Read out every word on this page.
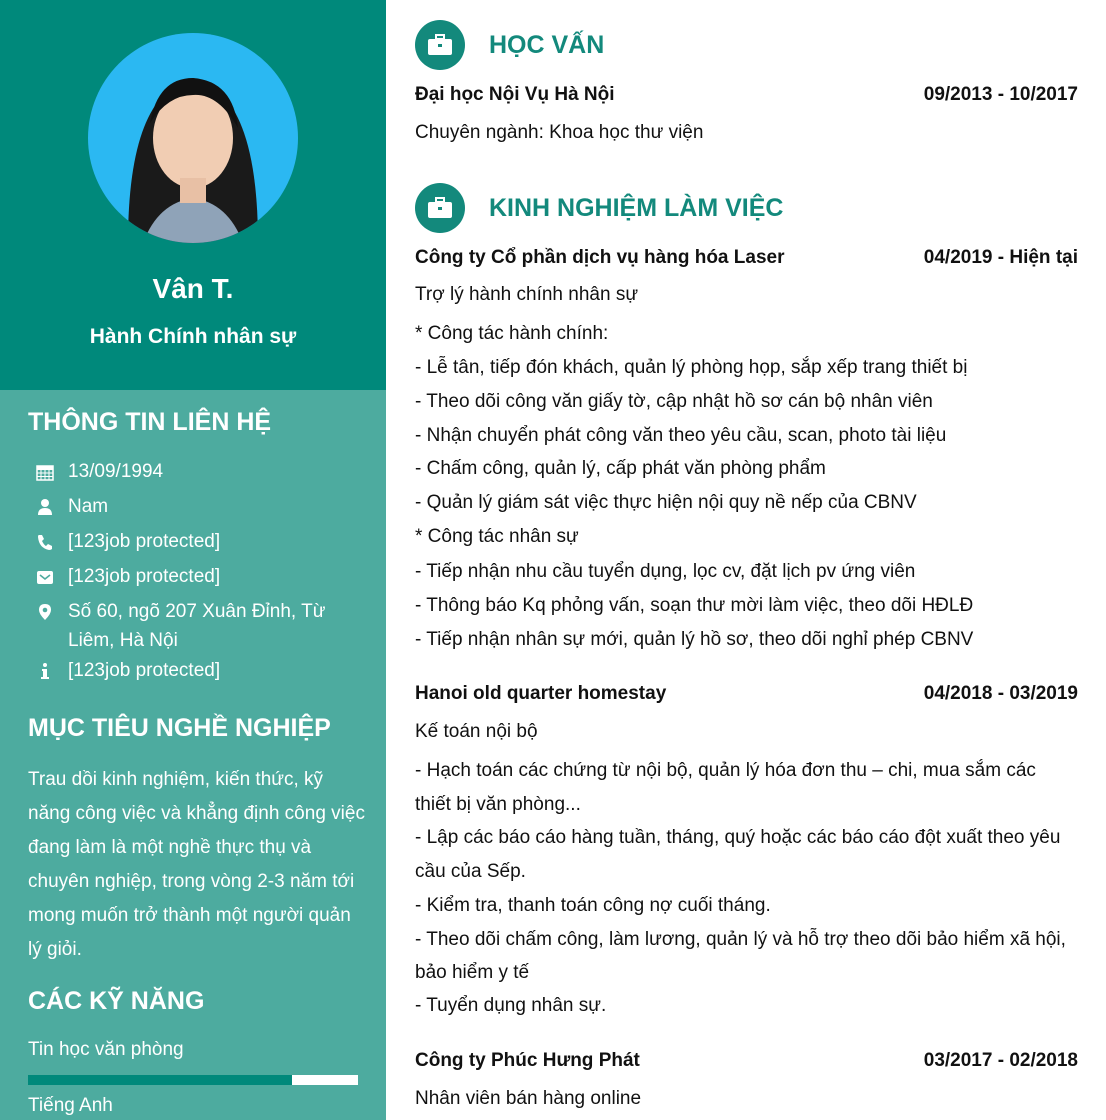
Vân T.
Hành Chính nhân sự
THÔNG TIN LIÊN HỆ
13/09/1994
Nam
[123job protected]
[123job protected]
Số 60, ngõ 207 Xuân Đỉnh, Từ Liêm, Hà Nội
[123job protected]
MỤC TIÊU NGHỀ NGHIỆP
Trau dồi kinh nghiệm, kiến thức, kỹ năng công việc và khẳng định công việc đang làm là một nghề thực thụ và chuyên nghiệp, trong vòng 2-3 năm tới mong muốn trở thành một người quản lý giỏi.
CÁC KỸ NĂNG
Tin học văn phòng
Tiếng Anh
HỌC VẤN
Đại học Nội Vụ Hà Nội	09/2013 - 10/2017
Chuyên ngành: Khoa học thư viện
KINH NGHIỆM LÀM VIỆC
Công ty Cổ phần dịch vụ hàng hóa Laser	04/2019 - Hiện tại
Trợ lý hành chính nhân sự
* Công tác hành chính:
- Lễ tân, tiếp đón khách, quản lý phòng họp, sắp xếp trang thiết bị
- Theo dõi công văn giấy tờ, cập nhật hồ sơ cán bộ nhân viên
- Nhận chuyển phát công văn theo yêu cầu, scan, photo tài liệu
- Chấm công, quản lý, cấp phát văn phòng phẩm
- Quản lý giám sát việc thực hiện nội quy nề nếp của CBNV
* Công tác nhân sự
- Tiếp nhận nhu cầu tuyển dụng, lọc cv, đặt lịch pv ứng viên
- Thông báo Kq phỏng vấn, soạn thư mời làm việc, theo dõi HĐLĐ
- Tiếp nhận nhân sự mới, quản lý hồ sơ, theo dõi nghỉ phép CBNV
Hanoi old quarter homestay	04/2018 - 03/2019
Kế toán nội bộ
- Hạch toán các chứng từ nội bộ, quản lý hóa đơn thu – chi, mua sắm các
thiết bị văn phòng...
- Lập các báo cáo hàng tuần, tháng, quý hoặc các báo cáo đột xuất theo yêu
cầu của Sếp.
- Kiểm tra, thanh toán công nợ cuối tháng.
- Theo dõi chấm công, làm lương, quản lý và hỗ trợ theo dõi bảo hiểm xã hội,
bảo hiểm y tế
- Tuyển dụng nhân sự.
Công ty Phúc Hưng Phát	03/2017 - 02/2018
Nhân viên bán hàng online
